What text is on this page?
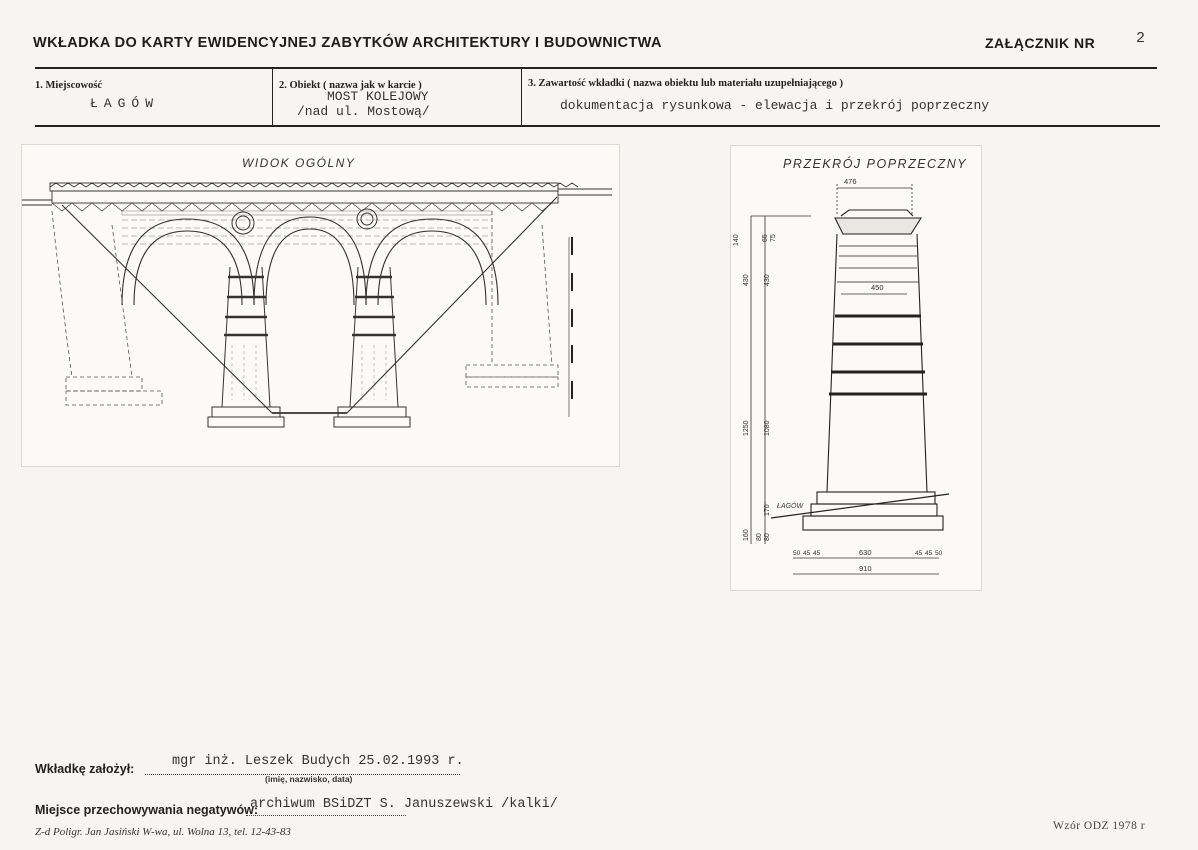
WKŁADKA DO KARTY EWIDENCYJNEJ ZABYTKÓW ARCHITEKTURY I BUDOWNICTWA	ZAŁĄCZNIK NR	2
1. Miejscowość
ŁAGÓW
2. Obiekt ( nazwa jak w karcie )
MOST KOLEJOWY
/nad ul. Mostową/
3. Zawartość wkładki ( nazwa obiektu lub materiału uzupełniającego )
dokumentacja rysunkowa - elewacja i przekrój poprzeczny
WIDOK OGÓLNY	PRZEKRÓJ POPRZECZNY
476
450
630
910
140	65 75
430 430
1250 1080
170
80
80
160
50 45 45	45 45 50
ŁAGÓW
Wkładkę założył:	mgr inż. Leszek Budych 25.02.1993 r.
(imię, nazwisko, data)
Miejsce przechowywania negatywów:
archiwum BSiDZT S. Januszewski /kalki/
Z-d Poligr. Jan Jasiński W-wa, ul. Wolna 13, tel. 12-43-83	Wzór ODZ 1978 r
